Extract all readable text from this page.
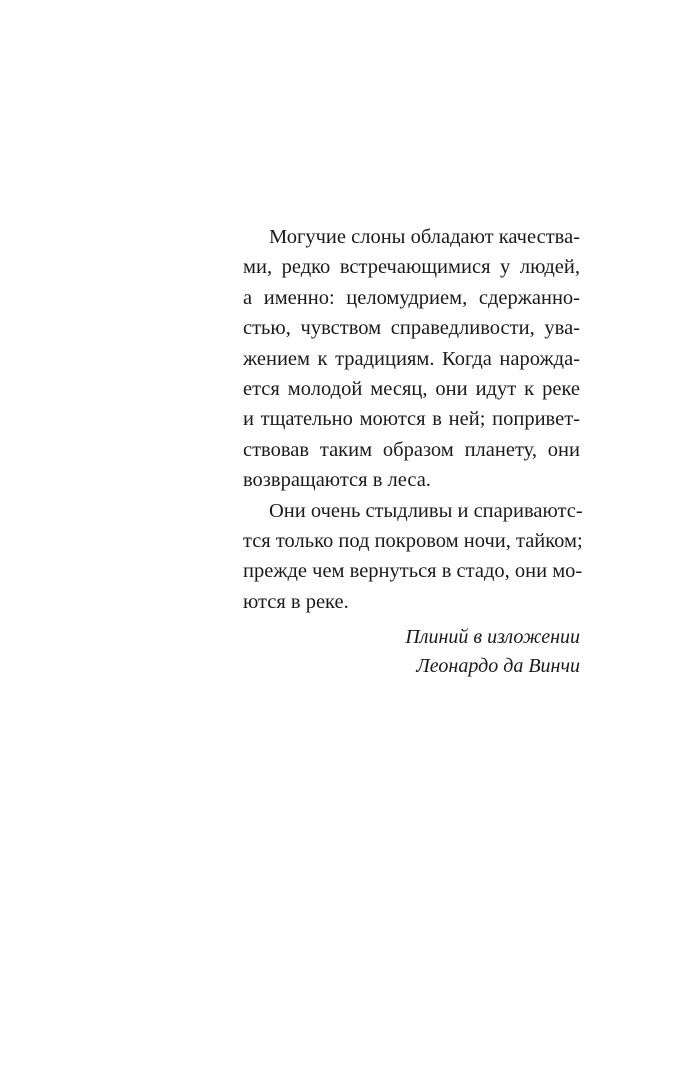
Могучие слоны обладают качества-
ми, редко встречающимися у людей,
а именно: целомудрием, сдержанно-
стью, чувством справедливости, ува-
жением к традициям. Когда нарожда-
ется молодой месяц, они идут к реке
и тщательно моются в ней; попривет-
ствовав таким образом планету, они
возвращаются в леса.
Они очень стыдливы и спариваютс-
тся только под покровом ночи, тайком;
прежде чем вернуться в стадо, они мо-
ются в реке.
Плиний в изложении
Леонардо да Винчи
